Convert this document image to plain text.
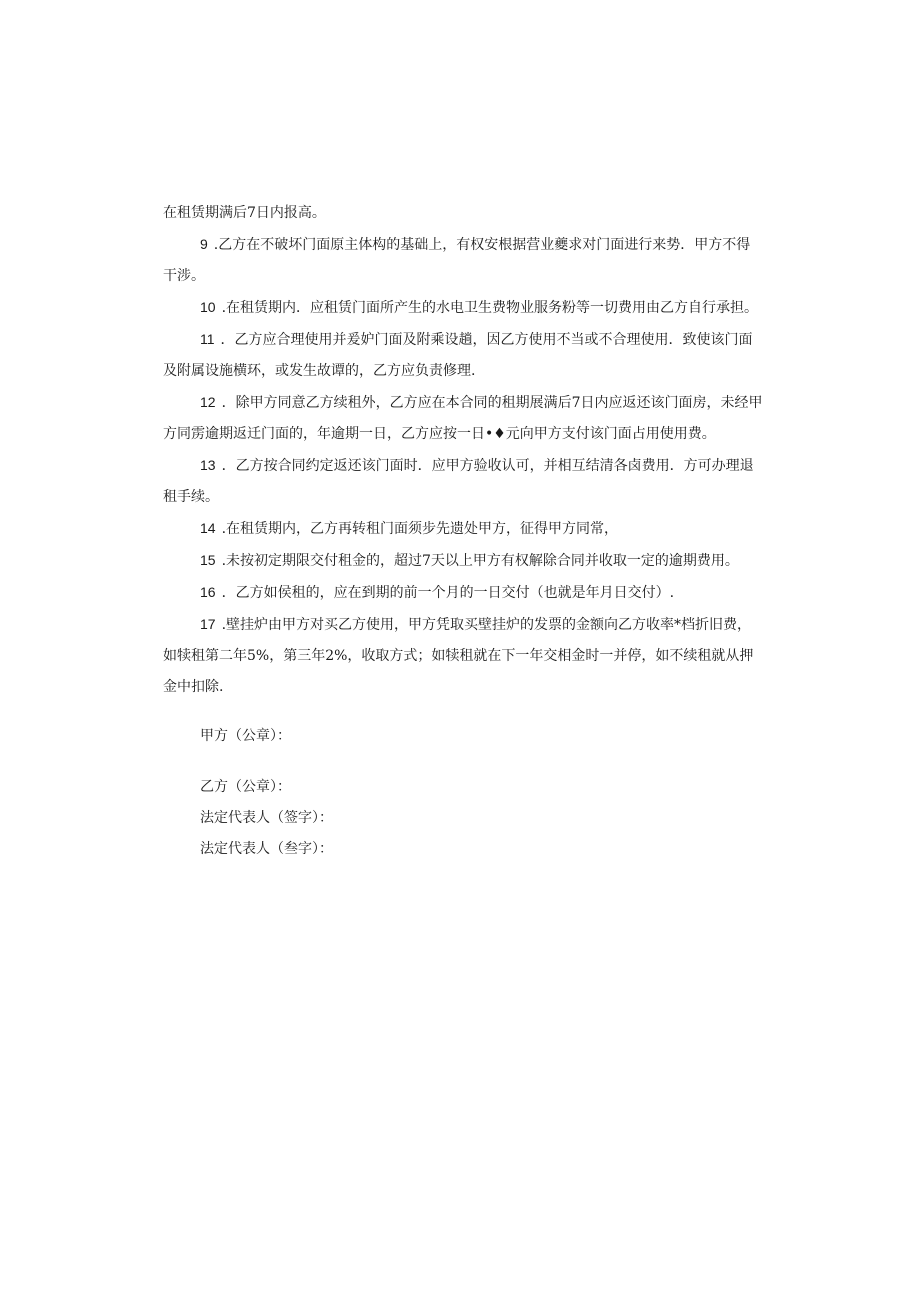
在租赁期满后7日内报高。

9 .乙方在不破坏门面原主体构的基础上，有权安根据营业夔求对门面进行来势．甲方不得干涉。

10 .在租赁期内．应租赁门面所产生的水电卫生费物业服务粉等一切费用由乙方自行承担。

11 ．乙方应合理使用并爰妒门面及附乘设趟，因乙方使用不当或不合理使用．致使该门面及附属设施横环，或发生故谭的，乙方应负责修理.

12 ．除甲方同意乙方续租外，乙方应在本合同的租期展满后7日内应返还该门面房，未经甲方同雳逾期返迁门面的，年逾期一日，乙方应按一日•♦元向甲方支付该门面占用使用费。

13 ．乙方按合同约定返还该门面时．应甲方验收认可，并相互结清各卤费用．方可办理退租手续。

14 .在租赁期内，乙方再转租门面须步先遗处甲方，征得甲方同常，

15 .未按初定期限交付租金的，超过7天以上甲方有权解除合同并收取一定的逾期费用。

16 ．乙方如侯租的，应在到期的前一个月的一日交付（也就是年月日交付）.

17 .壁挂炉由甲方对买乙方使用，甲方凭取买壁挂炉的发票的金额向乙方收率*档折旧费，如犊租第二年5%，第三年2%，收取方式；如犊租就在下一年交相金时一并停，如不续租就从押金中扣除.

甲方（公章）：

乙方（公章）：

法定代表人（签字）：

法定代表人（叁字）：
